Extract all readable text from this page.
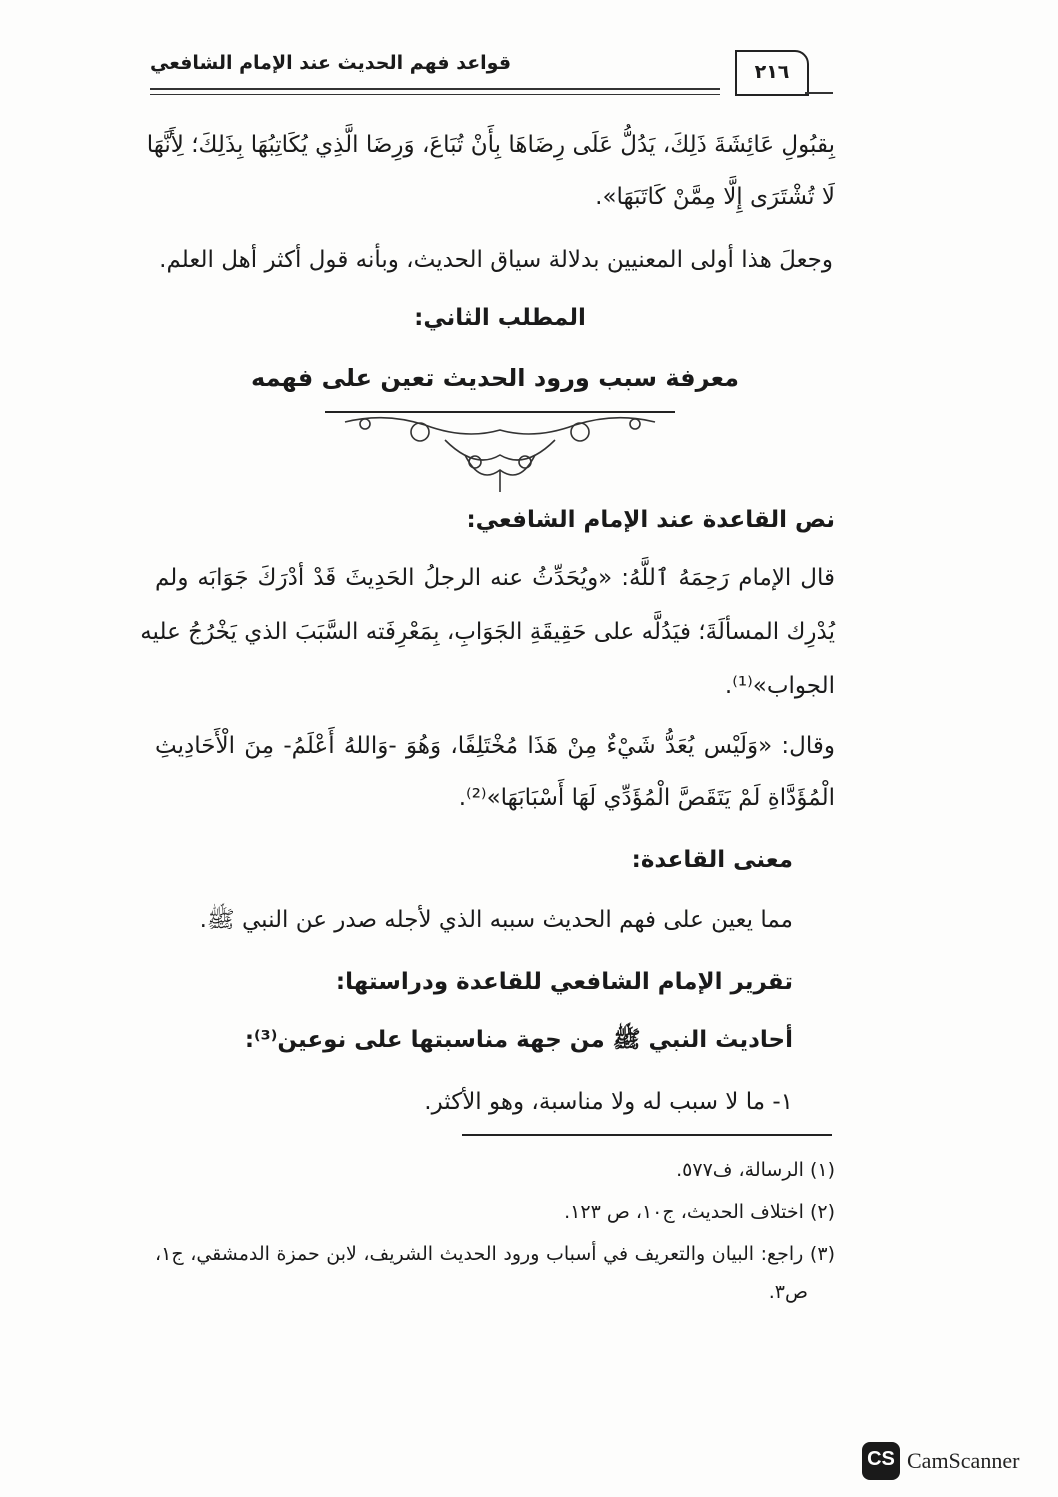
قواعد فهم الحديث عند الإمام الشافعي	٢١٦
بِقبُولِ عَائِشَةَ ذَلِكَ، يَدُلُّ عَلَى رِضَاهَا بِأَنْ تُبَاعَ، وَرِضَا الَّذِي يُكَاتِبُهَا بِذَلِكَ؛ لِأَنَّهَا
لَا تُشْتَرَى إِلَّا مِمَّنْ كَاتَبَهَا».
وجعلَ هذا أولى المعنيين بدلالة سياق الحديث، وبأنه قول أكثر أهل العلم.
المطلب الثاني:
معرفة سبب ورود الحديث تعين على فهمه
نص القاعدة عند الإمام الشافعي:
قال الإمام رَحِمَهُ ٱللَّهُ: «ويُحَدِّثُ عنه الرجلُ الحَدِيثَ قَدْ أدْرَكَ جَوَابَه ولم
يُدْرِك المسألَةَ؛ فيَدُلَّه على حَقِيقَةِ الجَوَابِ، بِمَعْرِفَته السَّبَبَ الذي يَخْرُجُ عليه
الجواب»⁽¹⁾.
وقال: «وَلَيْس يُعَدُّ شَيْءٌ مِنْ هَذَا مُخْتَلِفًا، وَهُوَ -وَاللهُ أَعْلَمُ- مِنَ الْأَحَادِيثِ
الْمُؤَدَّاةِ لَمْ يَتَقَصَّ الْمُؤَدِّي لَهَا أَسْبَابَهَا»⁽²⁾.
معنى القاعدة:
مما يعين على فهم الحديث سببه الذي لأجله صدر عن النبي ﷺ.
تقرير الإمام الشافعي للقاعدة ودراستها:
أحاديث النبي ﷺ من جهة مناسبتها على نوعين⁽³⁾:
١- ما لا سبب له ولا مناسبة، وهو الأكثر.
(١) الرسالة، ف٥٧٧.
(٢) اختلاف الحديث، ج١٠، ص ١٢٣.
(٣) راجع: البيان والتعريف في أسباب ورود الحديث الشريف، لابن حمزة الدمشقي، ج١،
ص٣.
CS CamScanner
